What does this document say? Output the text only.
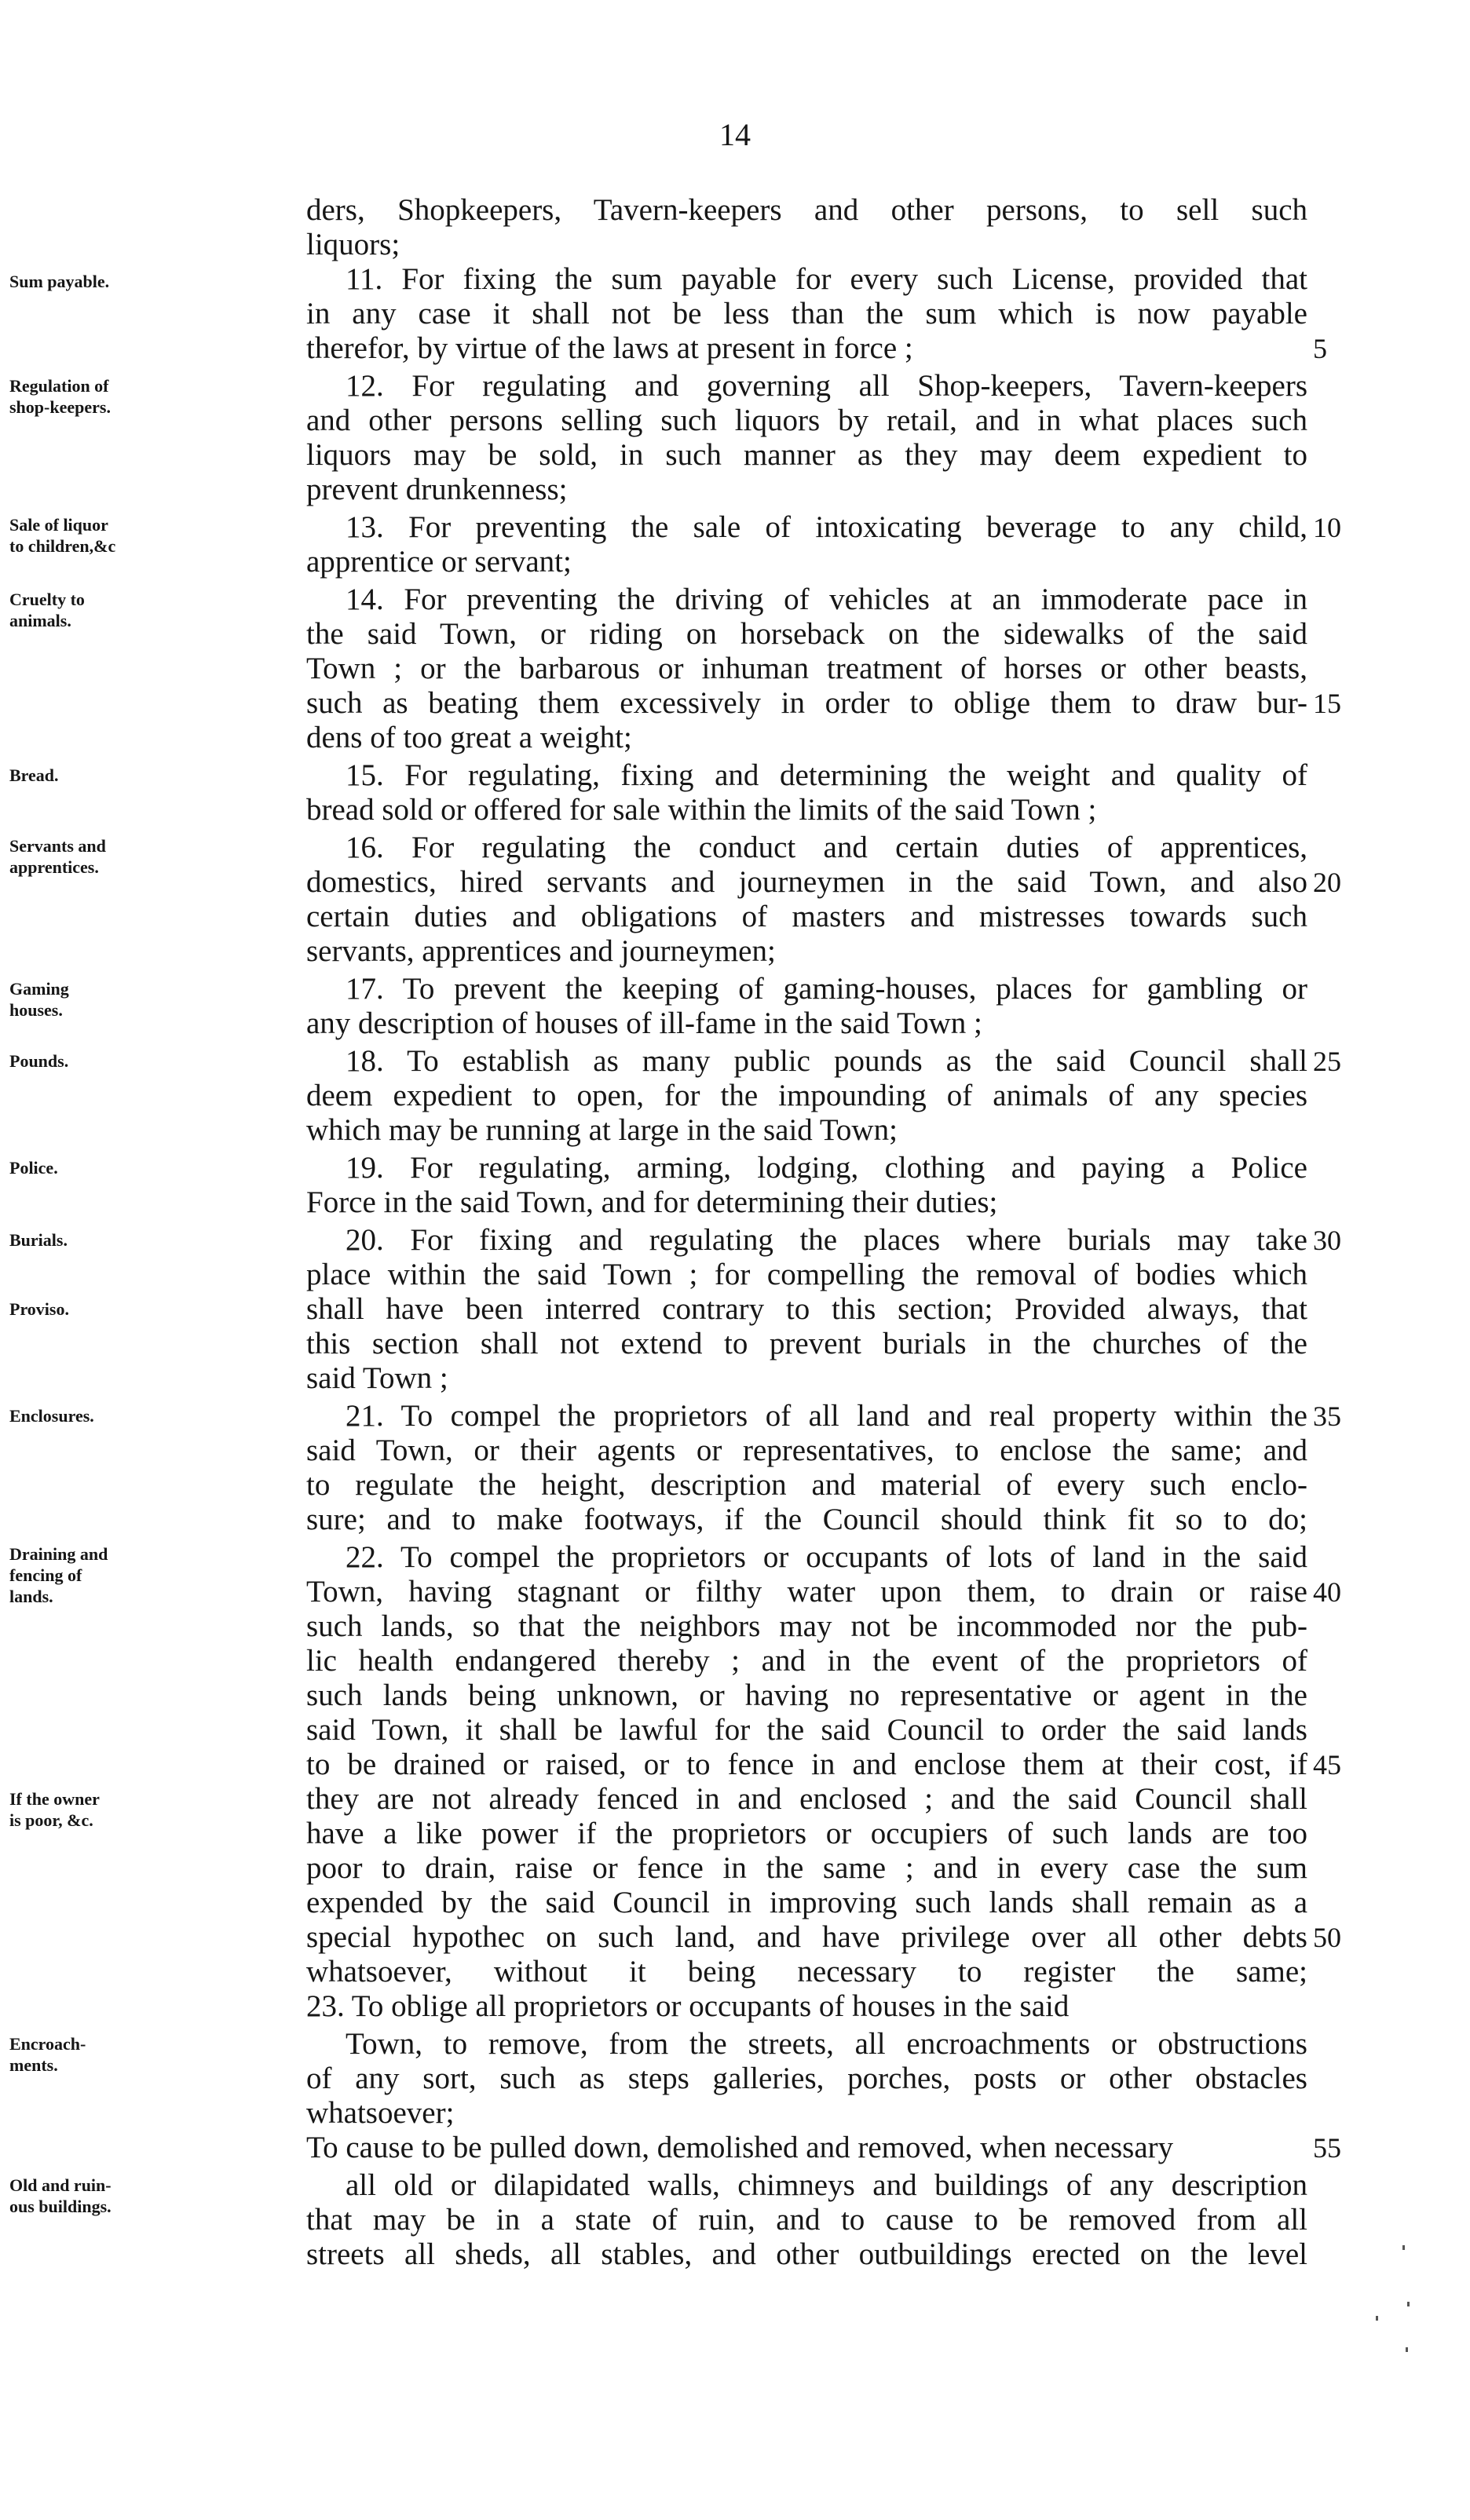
14
ders, Shopkeepers, Tavern-keepers and other persons, to sell such
liquors;
11. For fixing the sum payable for every such License, provided that
in any case it shall not be less than the sum which is now payable
therefor, by virtue of the laws at present in force ;
12. For regulating and governing all Shop-keepers, Tavern-keepers
and other persons selling such liquors by retail, and in what places such
liquors may be sold, in such manner as they may deem expedient to
prevent drunkenness;
13. For preventing the sale of intoxicating beverage to any child,
apprentice or servant;
14. For preventing the driving of vehicles at an immoderate pace in
the said Town, or riding on horseback on the sidewalks of the said
Town ; or the barbarous or inhuman treatment of horses or other beasts,
such as beating them excessively in order to oblige them to draw bur-
dens of too great a weight;
15. For regulating, fixing and determining the weight and quality of
bread sold or offered for sale within the limits of the said Town ;
16. For regulating the conduct and certain duties of apprentices,
domestics, hired servants and journeymen in the said Town, and also
certain duties and obligations of masters and mistresses towards such
servants, apprentices and journeymen;
17. To prevent the keeping of gaming-houses, places for gambling or
any description of houses of ill-fame in the said Town ;
18. To establish as many public pounds as the said Council shall
deem expedient to open, for the impounding of animals of any species
which may be running at large in the said Town;
19. For regulating, arming, lodging, clothing and paying a Police
Force in the said Town, and for determining their duties;
20. For fixing and regulating the places where burials may take
place within the said Town ; for compelling the removal of bodies which
shall have been interred contrary to this section; Provided always, that
this section shall not extend to prevent burials in the churches of the
said Town ;
21. To compel the proprietors of all land and real property within the
said Town, or their agents or representatives, to enclose the same; and
to regulate the height, description and material of every such enclo-
sure; and to make footways, if the Council should think fit so to do;
22. To compel the proprietors or occupants of lots of land in the said
Town, having stagnant or filthy water upon them, to drain or raise
such lands, so that the neighbors may not be incommoded nor the pub-
lic health endangered thereby ; and in the event of the proprietors of
such lands being unknown, or having no representative or agent in the
said Town, it shall be lawful for the said Council to order the said lands
to be drained or raised, or to fence in and enclose them at their cost, if
they are not already fenced in and enclosed ; and the said Council shall
have a like power if the proprietors or occupiers of such lands are too
poor to drain, raise or fence in the same ; and in every case the sum
expended by the said Council in improving such lands shall remain as a
special hypothec on such land, and have privilege over all other debts
whatsoever, without it being necessary to register the same;
23. To oblige all proprietors or occupants of houses in the said
Town, to remove, from the streets, all encroachments or obstructions
of any sort, such as steps galleries, porches, posts or other obstacles
whatsoever;
To cause to be pulled down, demolished and removed, when necessary
all old or dilapidated walls, chimneys and buildings of any description
that may be in a state of ruin, and to cause to be removed from all
streets all sheds, all stables, and other outbuildings erected on the level
Sum payable.
Regulation of
shop-keepers.
Sale of liquor
to children,&c
Cruelty to
animals.
Bread.
Servants and
apprentices.
Gaming
houses.
Pounds.
Police.
Burials.
Proviso.
Enclosures.
Draining and
fencing of
lands.
If the owner
is poor, &c.
Encroach-
ments.
Old and ruin-
ous buildings.
5
10
15
20
25
30
35
40
45
50
55
